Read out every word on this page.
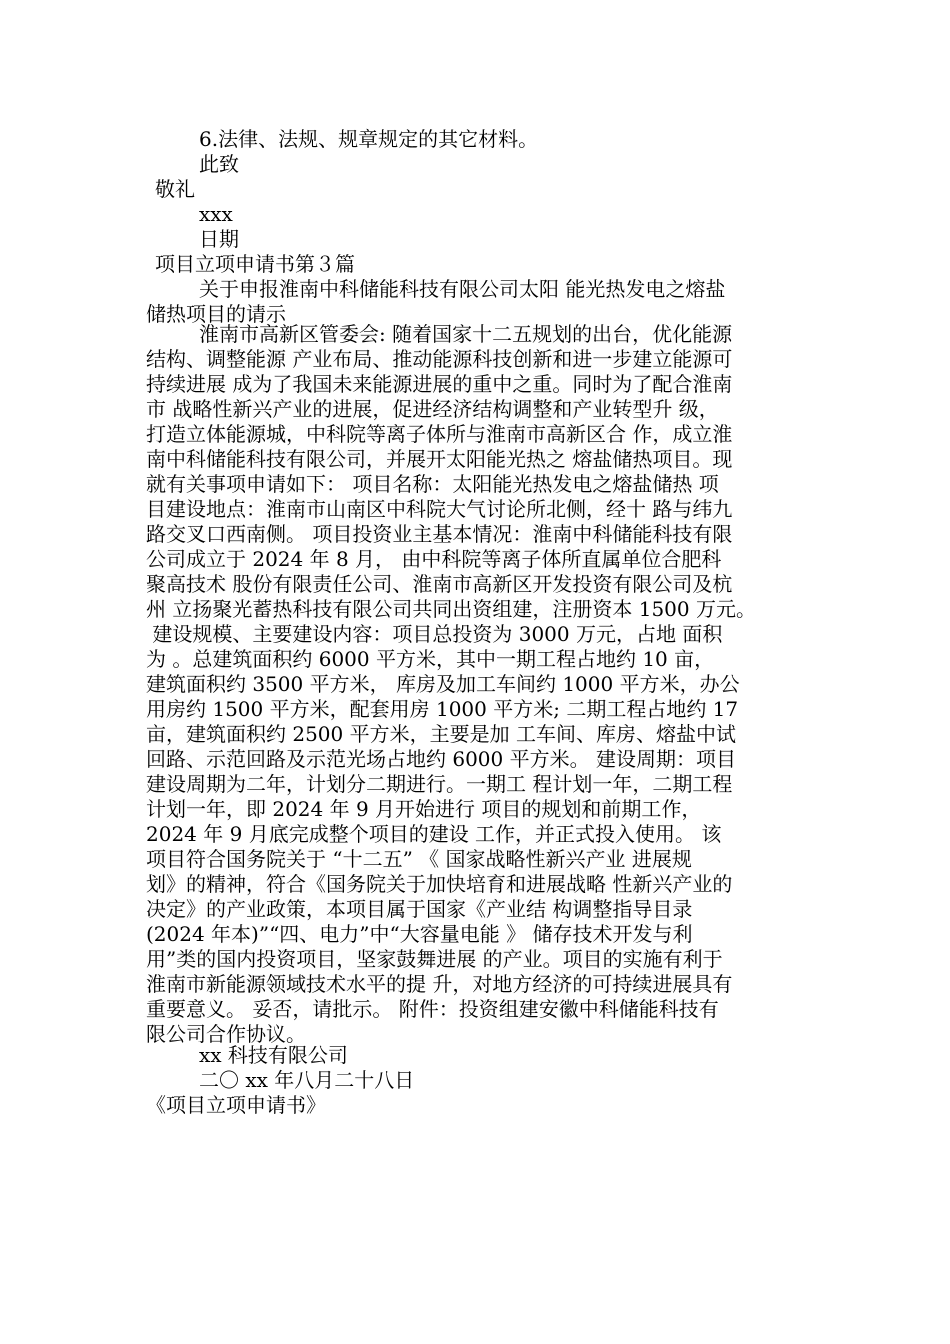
6.法律、法规、规章规定的其它材料。
此致
敬礼
xxx
日期
项目立项申请书第３篇
关于申报淮南中科储能科技有限公司太阳 能光热发电之熔盐
储热项目的请示
淮南市高新区管委会: 随着国家十二五规划的出台，优化能源
结构、调整能源 产业布局、推动能源科技创新和进一步建立能源可
持续进展 成为了我国未来能源进展的重中之重。同时为了配合淮南
市 战略性新兴产业的进展，促进经济结构调整和产业转型升 级，
打造立体能源城，中科院等离子体所与淮南市高新区合 作，成立淮
南中科储能科技有限公司，并展开太阳能光热之 熔盐储热项目。现
就有关事项申请如下： 项目名称：太阳能光热发电之熔盐储热 项
目建设地点：淮南市山南区中科院大气讨论所北侧，经十 路与纬九
路交叉口西南侧。 项目投资业主基本情况：淮南中科储能科技有限
公司成立于 2024 年 8 月， 由中科院等离子体所直属单位合肥科
聚高技术 股份有限责任公司、淮南市高新区开发投资有限公司及杭
州 立扬聚光蓄热科技有限公司共同出资组建，注册资本 1500 万元。
建设规模、主要建设内容：项目总投资为 3000 万元，占地 面积
为 。总建筑面积约 6000 平方米，其中一期工程占地约 10 亩，
建筑面积约 3500 平方米， 库房及加工车间约 1000 平方米，办公
用房约 1500 平方米，配套用房 1000 平方米; 二期工程占地约 17
亩，建筑面积约 2500 平方米，主要是加 工车间、库房、熔盐中试
回路、示范回路及示范光场占地约 6000 平方米。 建设周期：项目
建设周期为二年，计划分二期进行。一期工 程计划一年，二期工程
计划一年，即 2024 年 9 月开始进行 项目的规划和前期工作，
2024 年 9 月底完成整个项目的建设 工作，并正式投入使用。 该
项目符合国务院关于 “十二五” 《 国家战略性新兴产业 进展规
划》的精神，符合《国务院关于加快培育和进展战略 性新兴产业的
决定》的产业政策，本项目属于国家《产业结 构调整指导目录
(2024 年本)”“四、电力”中“大容量电能 》 储存技术开发与利
用”类的国内投资项目，坚家鼓舞进展 的产业。项目的实施有利于
淮南市新能源领域技术水平的提 升，对地方经济的可持续进展具有
重要意义。 妥否，请批示。 附件：投资组建安徽中科储能科技有
限公司合作协议。
xx 科技有限公司
二〇 xx 年八月二十八日
《项目立项申请书》
